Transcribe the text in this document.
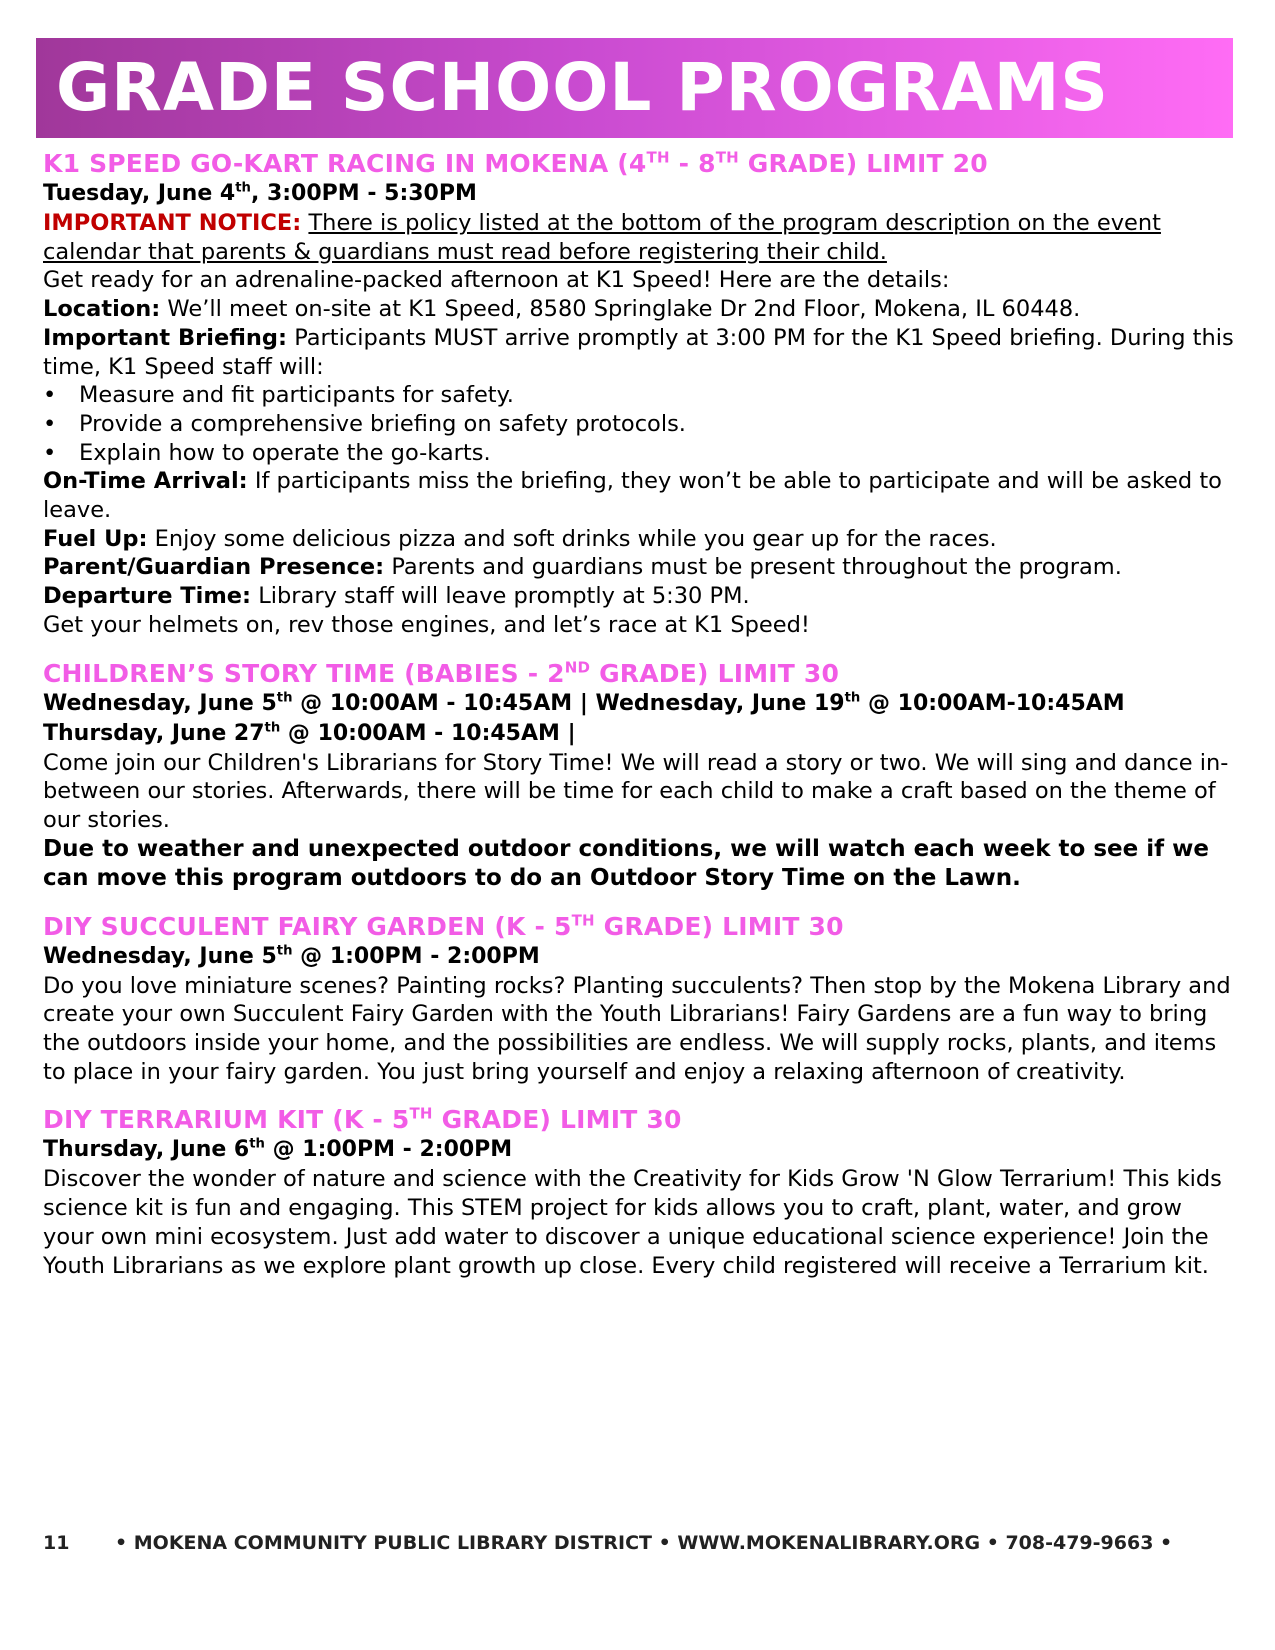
GRADE SCHOOL PROGRAMS
K1 SPEED GO-KART RACING IN MOKENA (4TH - 8TH GRADE) LIMIT 20
Tuesday, June 4th, 3:00PM - 5:30PM

IMPORTANT NOTICE: There is policy listed at the bottom of the program description on the event calendar that parents & guardians must read before registering their child.

Get ready for an adrenaline-packed afternoon at K1 Speed! Here are the details:

Location: We’ll meet on-site at K1 Speed, 8580 Springlake Dr 2nd Floor, Mokena, IL 60448.

Important Briefing: Participants MUST arrive promptly at 3:00 PM for the K1 Speed briefing. During this time, K1 Speed staff will:

• Measure and fit participants for safety.
• Provide a comprehensive briefing on safety protocols.
• Explain how to operate the go-karts.

On-Time Arrival: If participants miss the briefing, they won’t be able to participate and will be asked to leave.

Fuel Up: Enjoy some delicious pizza and soft drinks while you gear up for the races.

Parent/Guardian Presence: Parents and guardians must be present throughout the program.

Departure Time: Library staff will leave promptly at 5:30 PM.

Get your helmets on, rev those engines, and let’s race at K1 Speed!

CHILDREN’S STORY TIME (BABIES - 2ND GRADE) LIMIT 30
Wednesday, June 5th @ 10:00AM - 10:45AM | Wednesday, June 19th @ 10:00AM-10:45AM
Thursday, June 27th @ 10:00AM - 10:45AM |

Come join our Children's Librarians for Story Time! We will read a story or two. We will sing and dance in-between our stories. Afterwards, there will be time for each child to make a craft based on the theme of our stories.

Due to weather and unexpected outdoor conditions, we will watch each week to see if we can move this program outdoors to do an Outdoor Story Time on the Lawn.

DIY SUCCULENT FAIRY GARDEN (K - 5TH GRADE) LIMIT 30
Wednesday, June 5th @ 1:00PM - 2:00PM

Do you love miniature scenes? Painting rocks? Planting succulents? Then stop by the Mokena Library and create your own Succulent Fairy Garden with the Youth Librarians! Fairy Gardens are a fun way to bring the outdoors inside your home, and the possibilities are endless. We will supply rocks, plants, and items to place in your fairy garden. You just bring yourself and enjoy a relaxing afternoon of creativity.

DIY TERRARIUM KIT (K - 5TH GRADE) LIMIT 30
Thursday, June 6th @ 1:00PM - 2:00PM

Discover the wonder of nature and science with the Creativity for Kids Grow 'N Glow Terrarium! This kids science kit is fun and engaging. This STEM project for kids allows you to craft, plant, water, and grow your own mini ecosystem. Just add water to discover a unique educational science experience! Join the Youth Librarians as we explore plant growth up close. Every child registered will receive a Terrarium kit.

11 • MOKENA COMMUNITY PUBLIC LIBRARY DISTRICT • WWW.MOKENALIBRARY.ORG • 708-479-9663 •
